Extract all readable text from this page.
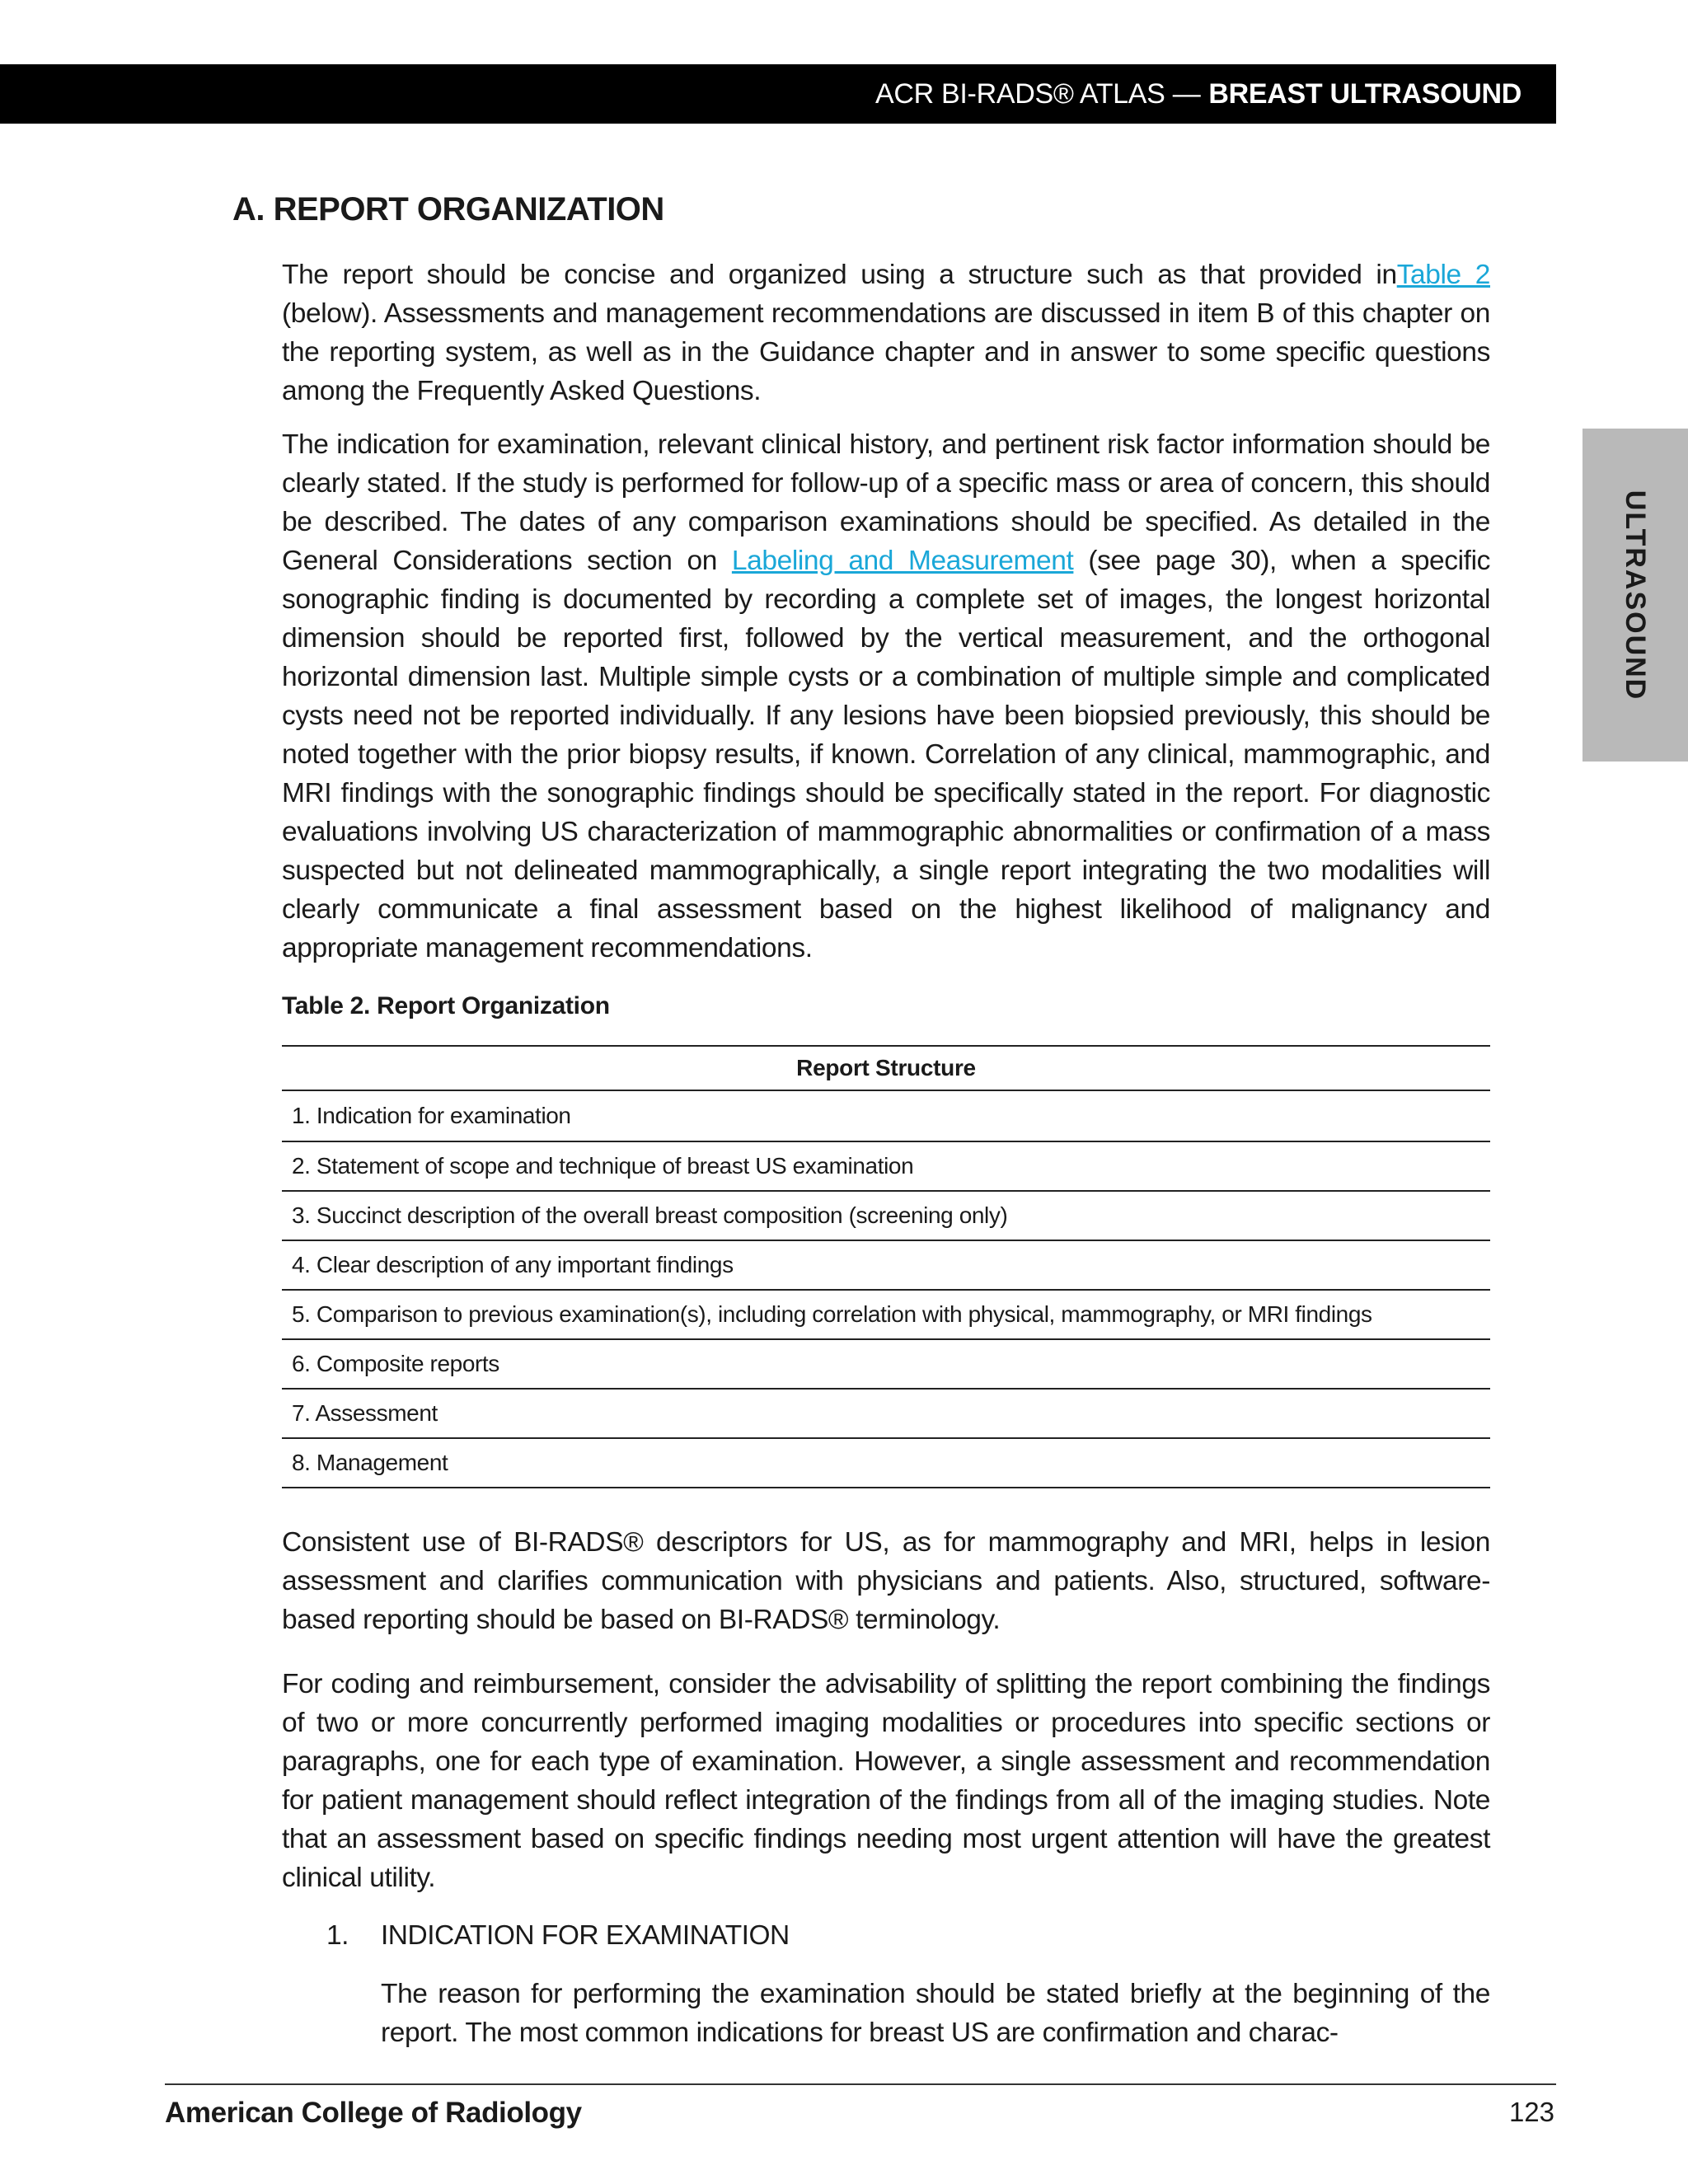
ACR BI-RADS® ATLAS — BREAST ULTRASOUND
ULTRASOUND
A. REPORT ORGANIZATION

The report should be concise and organized using a structure such as that provided inTable 2 (below). Assessments and management recommendations are discussed in item B of this chapter on the reporting system, as well as in the Guidance chapter and in answer to some specific questions among the Frequently Asked Questions.

The indication for examination, relevant clinical history, and pertinent risk factor information should be clearly stated. If the study is performed for follow-up of a specific mass or area of concern, this should be described. The dates of any comparison examinations should be specified. As detailed in the General Considerations section on Labeling and Measurement (see page 30), when a specific sonographic finding is documented by recording a complete set of images, the longest horizontal dimension should be reported first, followed by the vertical measurement, and the orthogonal horizontal dimension last. Multiple simple cysts or a combination of multiple simple and complicated cysts need not be reported individually. If any lesions have been biopsied previously, this should be noted together with the prior biopsy results, if known. Correlation of any clinical, mammographic, and MRI findings with the sonographic findings should be specifically stated in the report. For diagnostic evaluations involving US characterization of mammographic abnormalities or confirmation of a mass suspected but not delineated mammographically, a single report integrating the two modalities will clearly communicate a final assessment based on the highest likelihood of malignancy and appropriate management recommendations.

Table 2. Report Organization
Report Structure
1. Indication for examination
2. Statement of scope and technique of breast US examination
3. Succinct description of the overall breast composition (screening only)
4. Clear description of any important findings
5. Comparison to previous examination(s), including correlation with physical, mammography, or MRI findings
6. Composite reports
7. Assessment
8. Management

Consistent use of BI-RADS® descriptors for US, as for mammography and MRI, helps in lesion assessment and clarifies communication with physicians and patients. Also, structured, software-based reporting should be based on BI-RADS® terminology.

For coding and reimbursement, consider the advisability of splitting the report combining the findings of two or more concurrently performed imaging modalities or procedures into specific sections or paragraphs, one for each type of examination. However, a single assessment and recommendation for patient management should reflect integration of the findings from all of the imaging studies. Note that an assessment based on specific findings needing most urgent attention will have the greatest clinical utility.

1. INDICATION FOR EXAMINATION

The reason for performing the examination should be stated briefly at the beginning of the report. The most common indications for breast US are confirmation and charac-

American College of Radiology	123
